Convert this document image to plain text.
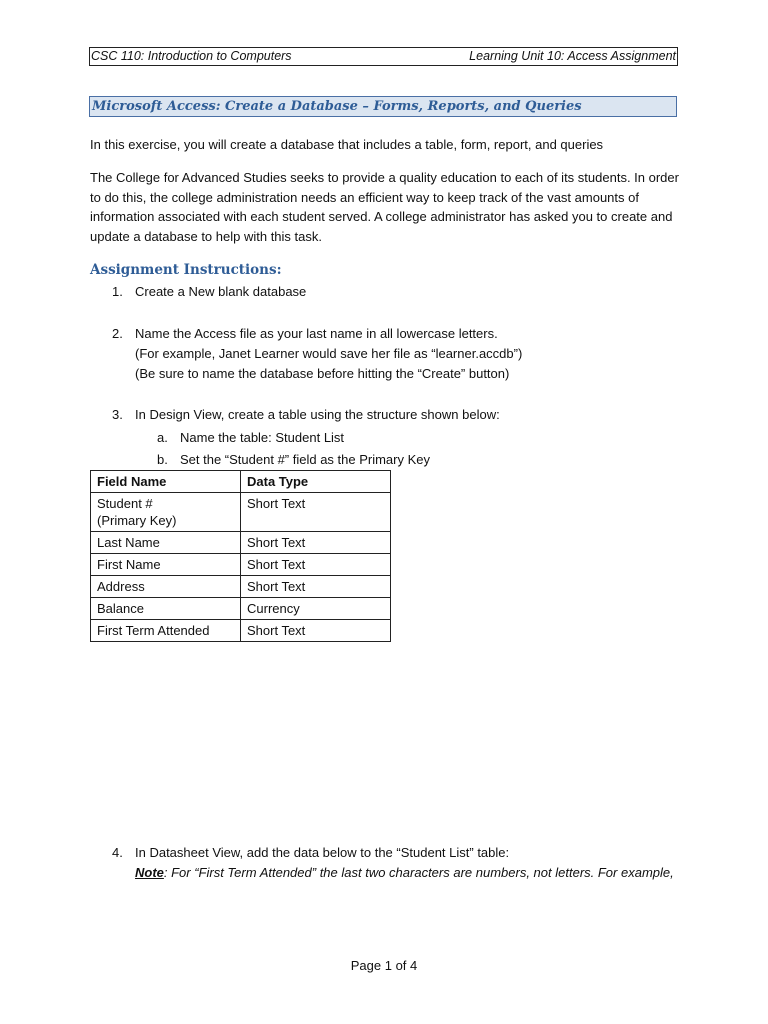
CSC 110: Introduction to Computers	Learning Unit 10: Access Assignment
Microsoft Access: Create a Database – Forms, Reports, and Queries
In this exercise, you will create a database that includes a table, form, report, and queries

The College for Advanced Studies seeks to provide a quality education to each of its students. In order

to do this, the college administration needs an efficient way to keep track of the vast amounts of

information associated with each student served. A college administrator has asked you to create and

update a database to help with this task.

Assignment Instructions:
1. Create a New blank database
2. Name the Access file as your last name in all lowercase letters.
(For example, Janet Learner would save her file as “learner.accdb”)
(Be sure to name the database before hitting the “Create” button)
3. In Design View, create a table using the structure shown below:
a. Name the table: Student List
b. Set the “Student #” field as the Primary Key
Field Name	Data Type

Student #
(Primary Key)	Short Text
Last Name	Short Text
First Name	Short Text
Address	Short Text
Balance	Currency
First Term Attended	Short Text
4. In Datasheet View, add the data below to the “Student List” table:
Note: For “First Term Attended” the last two characters are numbers, not letters. For example,
Page 1 of 4
